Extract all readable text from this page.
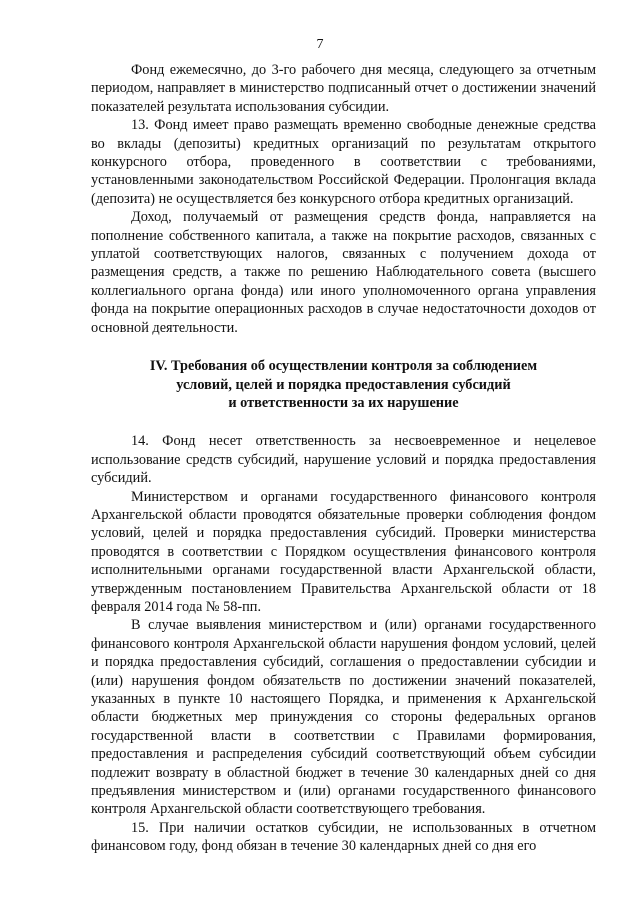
7

Фонд ежемесячно, до 3-го рабочего дня месяца, следующего за отчетным периодом, направляет в министерство подписанный отчет о достижении значений показателей результата использования субсидии.

13. Фонд имеет право размещать временно свободные денежные средства во вклады (депозиты) кредитных организаций по результатам открытого конкурсного отбора, проведенного в соответствии с требованиями, установленными законодательством Российской Федерации. Пролонгация вклада (депозита) не осуществляется без конкурсного отбора кредитных организаций.

Доход, получаемый от размещения средств фонда, направляется на пополнение собственного капитала, а также на покрытие расходов, связанных с уплатой соответствующих налогов, связанных с получением дохода от размещения средств, а также по решению Наблюдательного совета (высшего коллегиального органа фонда) или иного уполномоченного органа управления фонда на покрытие операционных расходов в случае недостаточности доходов от основной деятельности.

IV. Требования об осуществлении контроля за соблюдением
условий, целей и порядка предоставления субсидий
и ответственности за их нарушение

14. Фонд несет ответственность за несвоевременное и нецелевое использование средств субсидий, нарушение условий и порядка предоставления субсидий.

Министерством и органами государственного финансового контроля Архангельской области проводятся обязательные проверки соблюдения фондом условий, целей и порядка предоставления субсидий. Проверки министерства проводятся в соответствии с Порядком осуществления финансового контроля исполнительными органами государственной власти Архангельской области, утвержденным постановлением Правительства Архангельской области от 18 февраля 2014 года № 58-пп.

В случае выявления министерством и (или) органами государственного финансового контроля Архангельской области нарушения фондом условий, целей и порядка предоставления субсидий, соглашения о предоставлении субсидии и (или) нарушения фондом обязательств по достижении значений показателей, указанных в пункте 10 настоящего Порядка, и применения к Архангельской области бюджетных мер принуждения со стороны федеральных органов государственной власти в соответствии с Правилами формирования, предоставления и распределения субсидий соответствующий объем субсидии подлежит возврату в областной бюджет в течение 30 календарных дней со дня предъявления министерством и (или) органами государственного финансового контроля Архангельской области соответствующего требования.

15. При наличии остатков субсидии, не использованных в отчетном финансовом году, фонд обязан в течение 30 календарных дней со дня его
